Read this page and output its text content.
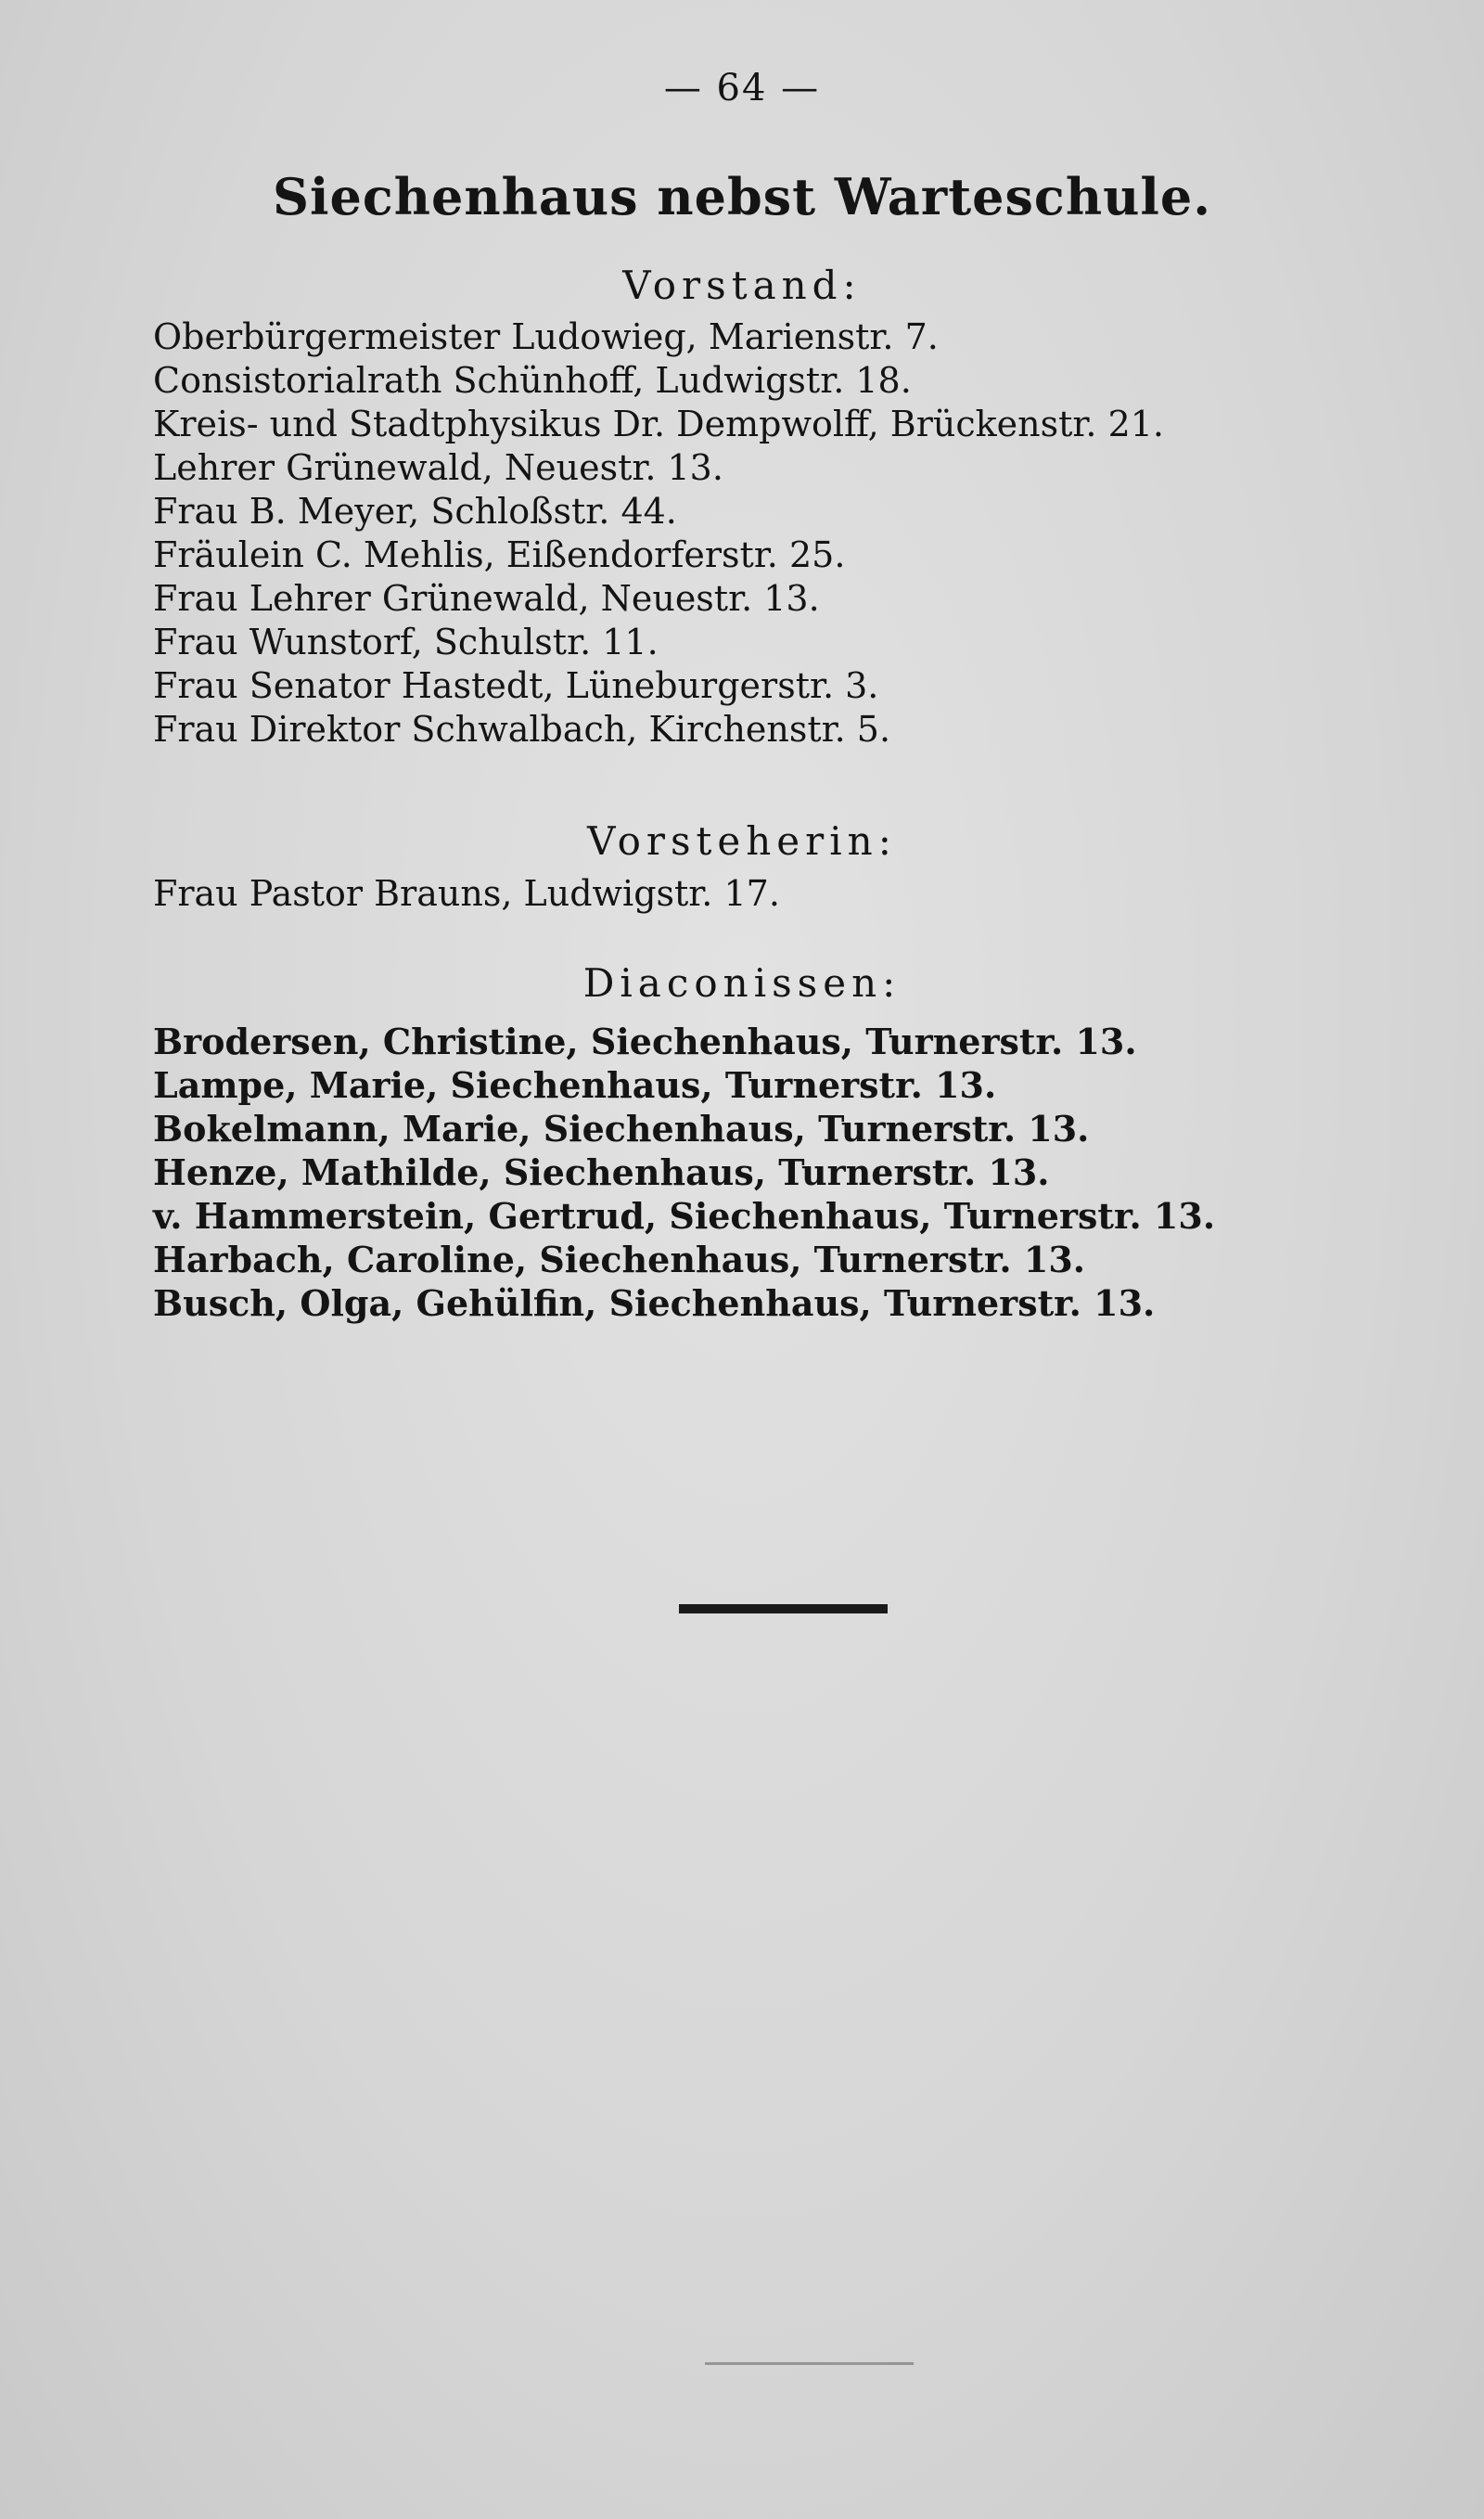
— 64 —
Siechenhaus nebst Warteschule.
Vorstand:
Oberbürgermeister Ludowieg, Marienstr. 7.
Consistorialrath Schünhoff, Ludwigstr. 18.
Kreis- und Stadtphysikus Dr. Dempwolff, Brückenstr. 21.
Lehrer Grünewald, Neuestr. 13.
Frau B. Meyer, Schloßstr. 44.
Fräulein C. Mehlis, Eißendorferstr. 25.
Frau Lehrer Grünewald, Neuestr. 13.
Frau Wunstorf, Schulstr. 11.
Frau Senator Hastedt, Lüneburgerstr. 3.
Frau Direktor Schwalbach, Kirchenstr. 5.
Vorsteherin:
Frau Pastor Brauns, Ludwigstr. 17.
Diaconissen:
Brodersen, Christine, Siechenhaus, Turnerstr. 13.
Lampe, Marie, Siechenhaus, Turnerstr. 13.
Bokelmann, Marie, Siechenhaus, Turnerstr. 13.
Henze, Mathilde, Siechenhaus, Turnerstr. 13.
v. Hammerstein, Gertrud, Siechenhaus, Turnerstr. 13.
Harbach, Caroline, Siechenhaus, Turnerstr. 13.
Busch, Olga, Gehülfin, Siechenhaus, Turnerstr. 13.
